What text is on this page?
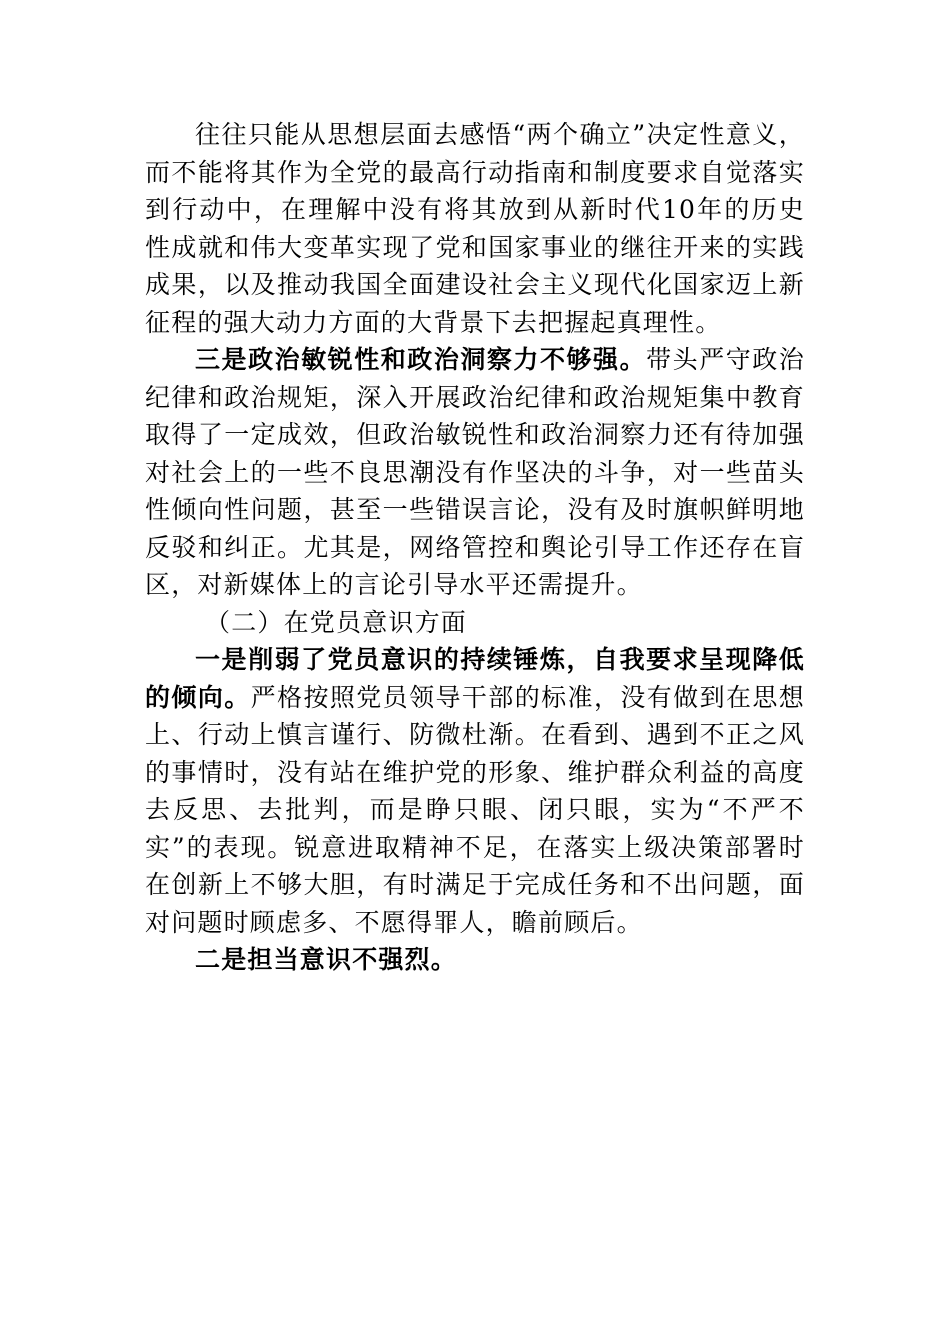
往往只能从思想层面去感悟“两个确立”决定性意义，而不能将其作为全党的最高行动指南和制度要求自觉落实到行动中，在理解中没有将其放到从新时代10年的历史性成就和伟大变革实现了党和国家事业的继往开来的实践成果，以及推动我国全面建设社会主义现代化国家迈上新征程的强大动力方面的大背景下去把握起真理性。

三是政治敏锐性和政治洞察力不够强。带头严守政治纪律和政治规矩，深入开展政治纪律和政治规矩集中教育取得了一定成效，但政治敏锐性和政治洞察力还有待加强对社会上的一些不良思潮没有作坚决的斗争，对一些苗头性倾向性问题，甚至一些错误言论，没有及时旗帜鲜明地反驳和纠正。尤其是，网络管控和舆论引导工作还存在盲区，对新媒体上的言论引导水平还需提升。

（二）在党员意识方面

一是削弱了党员意识的持续锤炼，自我要求呈现降低的倾向。严格按照党员领导干部的标准，没有做到在思想上、行动上慎言谨行、防微杜渐。在看到、遇到不正之风的事情时，没有站在维护党的形象、维护群众利益的高度去反思、去批判，而是睁只眼、闭只眼，实为“不严不实”的表现。锐意进取精神不足，在落实上级决策部署时在创新上不够大胆，有时满足于完成任务和不出问题，面对问题时顾虑多、不愿得罪人，瞻前顾后。

二是担当意识不强烈。
